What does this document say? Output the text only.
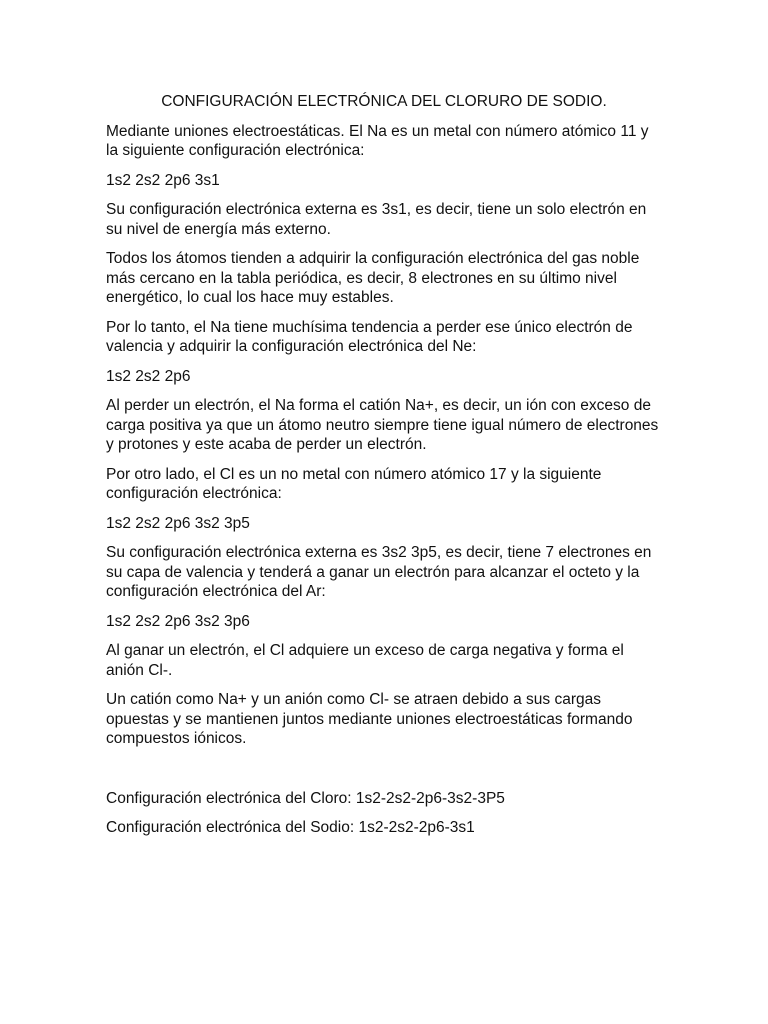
CONFIGURACIÓN ELECTRÓNICA DEL CLORURO DE SODIO.

Mediante uniones electroestáticas. El Na es un metal con número atómico 11 y la siguiente configuración electrónica:

1s2 2s2 2p6 3s1

Su configuración electrónica externa es 3s1, es decir, tiene un solo electrón en su nivel de energía más externo.

Todos los átomos tienden a adquirir la configuración electrónica del gas noble más cercano en la tabla periódica, es decir, 8 electrones en su último nivel energético, lo cual los hace muy estables.

Por lo tanto, el Na tiene muchísima tendencia a perder ese único electrón de valencia y adquirir la configuración electrónica del Ne:

1s2 2s2 2p6

Al perder un electrón, el Na forma el catión Na+, es decir, un ión con exceso de carga positiva ya que un átomo neutro siempre tiene igual número de electrones y protones y este acaba de perder un electrón.

Por otro lado, el Cl es un no metal con número atómico 17 y la siguiente configuración electrónica:

1s2 2s2 2p6 3s2 3p5

Su configuración electrónica externa es 3s2 3p5, es decir, tiene 7 electrones en su capa de valencia y tenderá a ganar un electrón para alcanzar el octeto y la configuración electrónica del Ar:

1s2 2s2 2p6 3s2 3p6

Al ganar un electrón, el Cl adquiere un exceso de carga negativa y forma el anión Cl-.

Un catión como Na+ y un anión como Cl- se atraen debido a sus cargas opuestas y se mantienen juntos mediante uniones electroestáticas formando compuestos iónicos.

Configuración electrónica del Cloro: 1s2-2s2-2p6-3s2-3P5

Configuración electrónica del Sodio: 1s2-2s2-2p6-3s1
